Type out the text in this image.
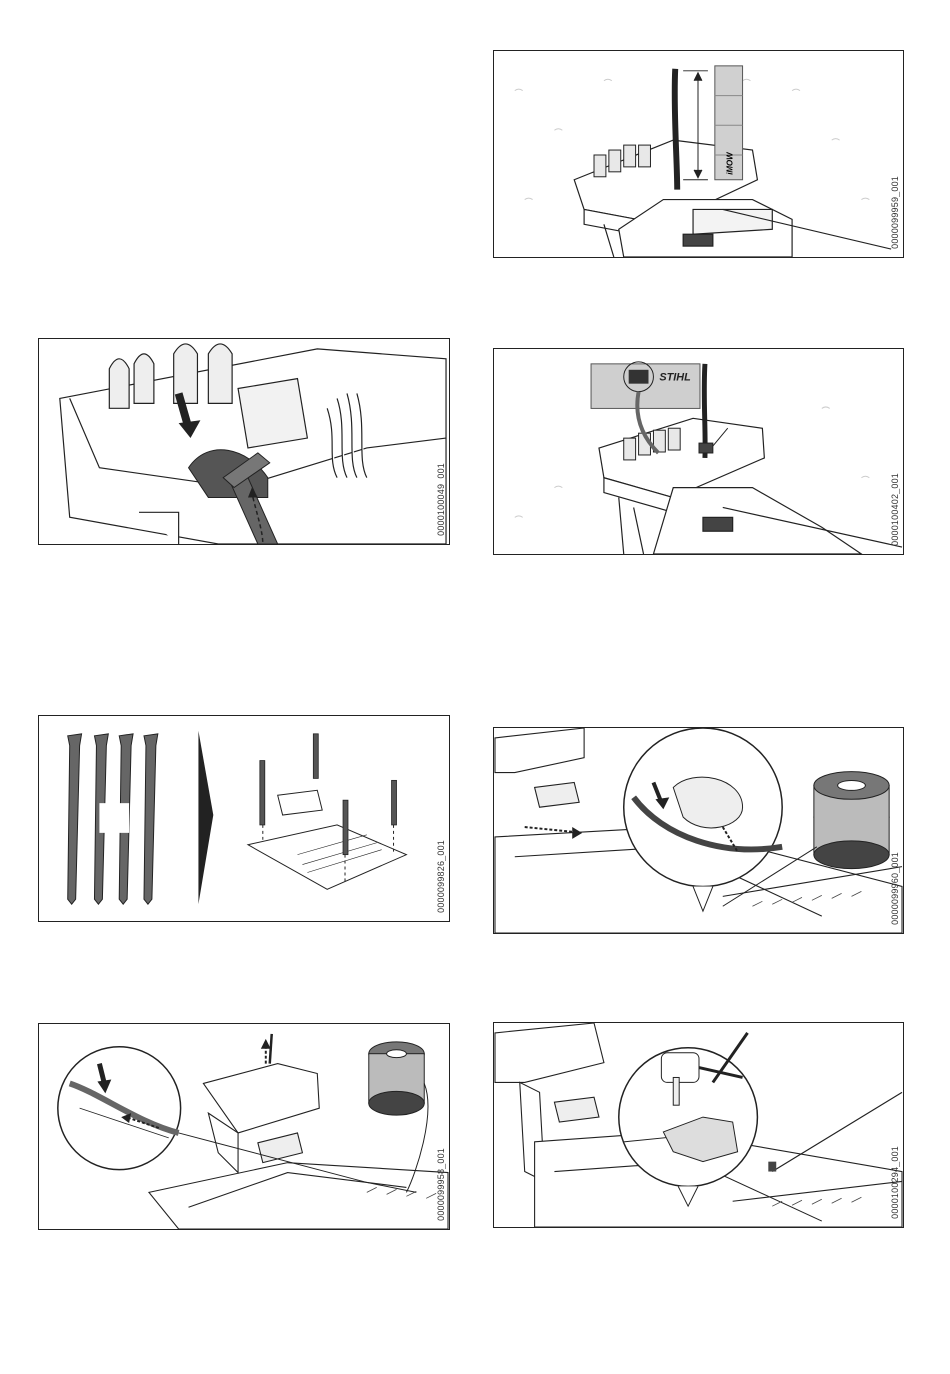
iMOW
0000099959_001
0000100049_001
STIHL
0000100402_001
0000099826_001	0000099960_001
0000099958_001	0000100294_001
